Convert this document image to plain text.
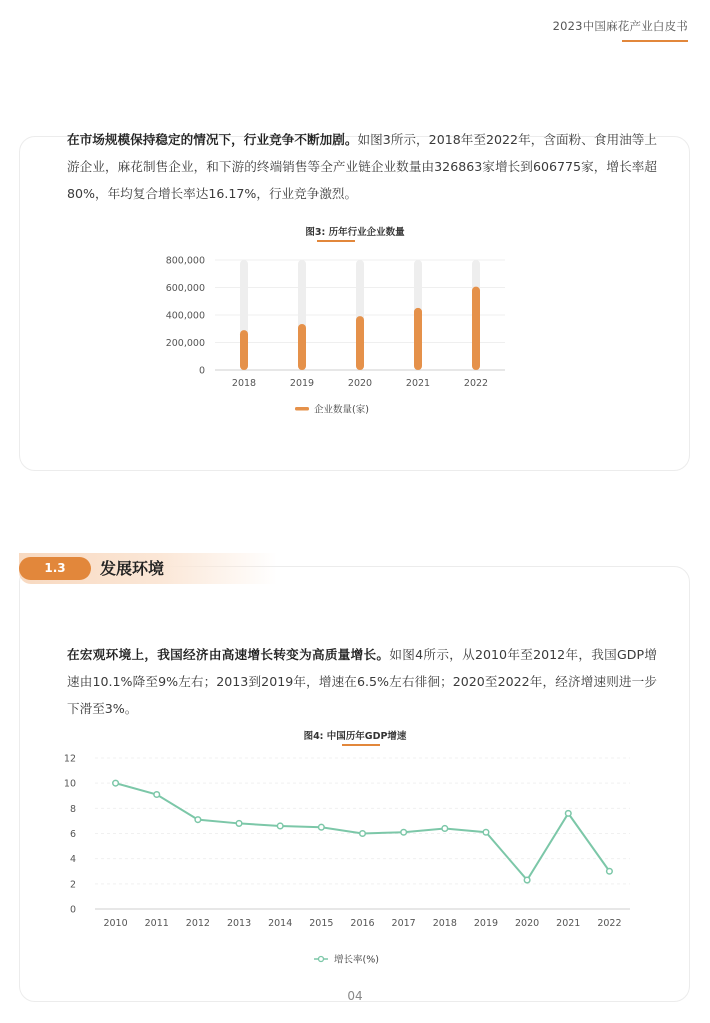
2023中国麻花产业白皮书

在市场规模保持稳定的情况下，行业竞争不断加剧。如图3所示，2018年至2022年，含面粉、食用油等上游企业，麻花制售企业，和下游的终端销售等全产业链企业数量由326863家增长到606775家，增长率超80%，年均复合增长率达16.17%，行业竞争激烈。

图3: 历年行业企业数量
0
200,000
400,000
600,000
800,000
2018	2019	2020	2021	2022
企业数量(家)
1.3	发展环境

在宏观环境上，我国经济由高速增长转变为高质量增长。如图4所示，从2010年至2012年，我国GDP增速由10.1%降至9%左右；2013到2019年，增速在6.5%左右徘徊；2020至2022年，经济增速则进一步下滑至3%。

图4: 中国历年GDP增速
0
2
4
6
8
10
12
2010 2011 2012 2013 2014 2015 2016 2017 2018 2019 2020 2021 2022
增长率(%)
04
